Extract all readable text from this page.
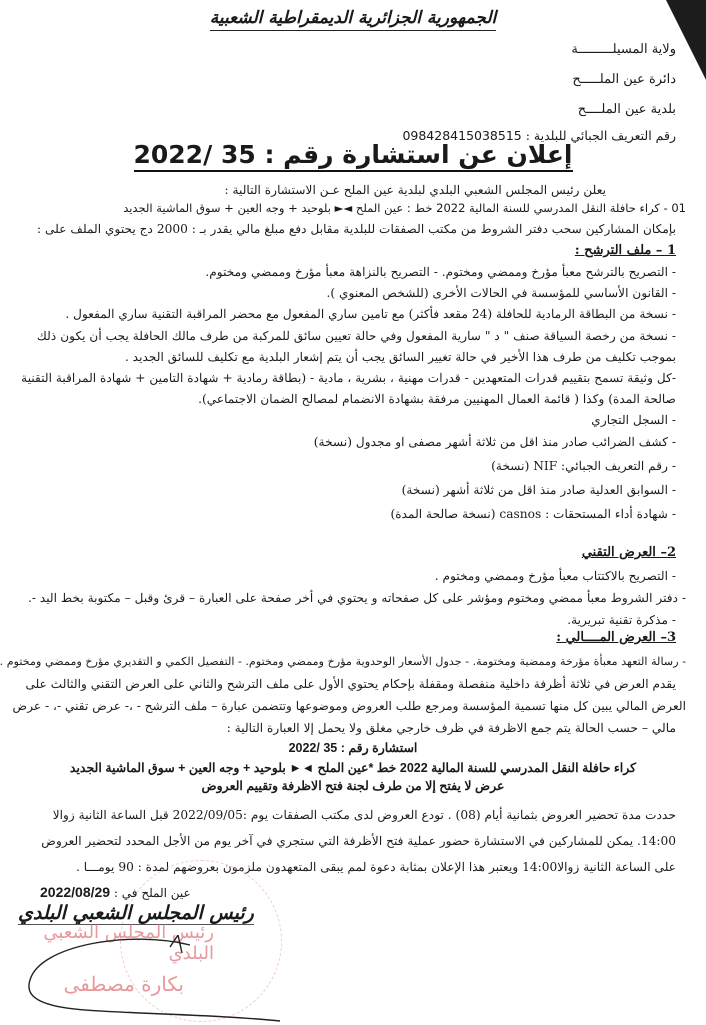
الجمهورية الجزائرية الديمقراطية الشعبية
ولاية المسيلـــــــــة
دائرة عين الملـــــح
بلدية عين الملــــح
رقم التعريف الجبائي للبلدية : 098428415038515
إعلان عن استشارة رقم : 35 /2022
يعلن رئيس المجلس الشعبي البلدي لبلدية عين الملح عـن الاستشارة التالية :
01 - كراء حافلة النقل المدرسي للسنة المالية 2022 خط : عين الملح ◄► بلوحيد + وجه العين + سوق الماشية الجديد
بإمكان المشاركين سحب دفتر الشروط من مكتب الصفقات للبلدية مقابل دفع مبلغ مالي يقدر بـ : 2000 دج يحتوي الملف على :
1 – ملف الترشح :
- التصريح بالترشح معبأ مؤرخ وممضي ومختوم. - التصريح بالنزاهة معبأ مؤرخ وممضي ومختوم.
- القانون الأساسي للمؤسسة في الحالات الأخرى (للشخص المعنوي ).
- نسخة من البطاقة الرمادية للحافلة (24 مقعد فأكثر) مع تامين ساري المفعول مع محضر المراقبة التقنية ساري المفعول .
- نسخة من رخصة السياقة صنف " د " سارية المفعول وفي حالة تعيين سائق للمركبة من طرف مالك الحافلة يجب أن يكون ذلك
بموجب تكليف من طرف هذا الأخير في حالة تغيير السائق يجب أن يتم إشعار البلدية مع تكليف للسائق الجديد .
-كل وثيقة تسمح بتقييم قدرات المتعهدين - قدرات مهنية ، بشرية ، مادية - (بطاقة رمادية + شهادة التامين + شهادة المراقبة التقنية
صالحة المدة) وكذا ( قائمة العمال المهنيين مرفقة بشهادة الانضمام لمصالح الضمان الاجتماعي).
- السجل التجاري
- كشف الضرائب صادر منذ اقل من ثلاثة أشهر مصفى او مجدول (نسخة)
- رقم التعريف الجبائي: NIF (نسخة)
- السوابق العدلية صادر منذ اقل من ثلاثة أشهر (نسخة)
- شهادة أداء المستحقات : casnos (نسخة صالحة المدة)
2– العرض التقني
- التصريح بالاكتتاب معبأ مؤرخ وممضي ومختوم .
- دفتر الشروط معبأ ممضي ومختوم ومؤشر على كل صفحاته و يحتوي في أخر صفحة على العبارة – قرئ وقبل – مكتوبة بخط اليد -.
- مذكرة تقنية تبريرية.
3– العرض المــــالي :
- رسالة التعهد معبأة مؤرخة وممضية ومختومة. - جدول الأسعار الوحدوية مؤرخ وممضي ومختوم. - التفصيل الكمي و التقديري مؤرخ وممضي ومختوم .
يقدم العرض في ثلاثة أظرفة داخلية منفصلة ومقفلة بإحكام يحتوي الأول على ملف الترشح والثاني على العرض التقني والثالث على
العرض المالي يبين كل منها تسمية المؤسسة ومرجع طلب العروض وموضوعها وتتضمن عبارة – ملف الترشح - ،- عرض تقني -، - عرض
مالي – حسب الحالة يتم جمع الاظرفة في ظرف خارجي مغلق ولا يحمل إلا العبارة التالية :
استشارة رقم : 35 /2022
كراء حافلة النقل المدرسي للسنة المالية 2022 خط *عين الملح ◄► بلوحيد + وجه العين + سوق الماشية الجديد
عرض لا يفتح إلا من طرف لجنة فتح الاظرفة وتقييم العروض
حددت مدة تحضير العروض بثمانية أيام (08) . تودع العروض لدى مكتب الصفقات يوم :2022/09/05 قبل الساعة الثانية زوالا
14:00. يمكن للمشاركين في الاستشارة حضور عملية فتح الأظرفة التي ستجري في آخر يوم من الأجل المحدد لتحضير العروض
على الساعة الثانية زوالا14:00 ويعتبر هذا الإعلان بمثابة دعوة لمم يبقى المتعهدون ملزمون بعروضهم لمدة : 90 يومـــا .
عين الملح في : 2022/08/29
رئيس المجلس الشعبي البلدي
رئيس المجلس الشعبي البلدي
بكارة مصطفى
